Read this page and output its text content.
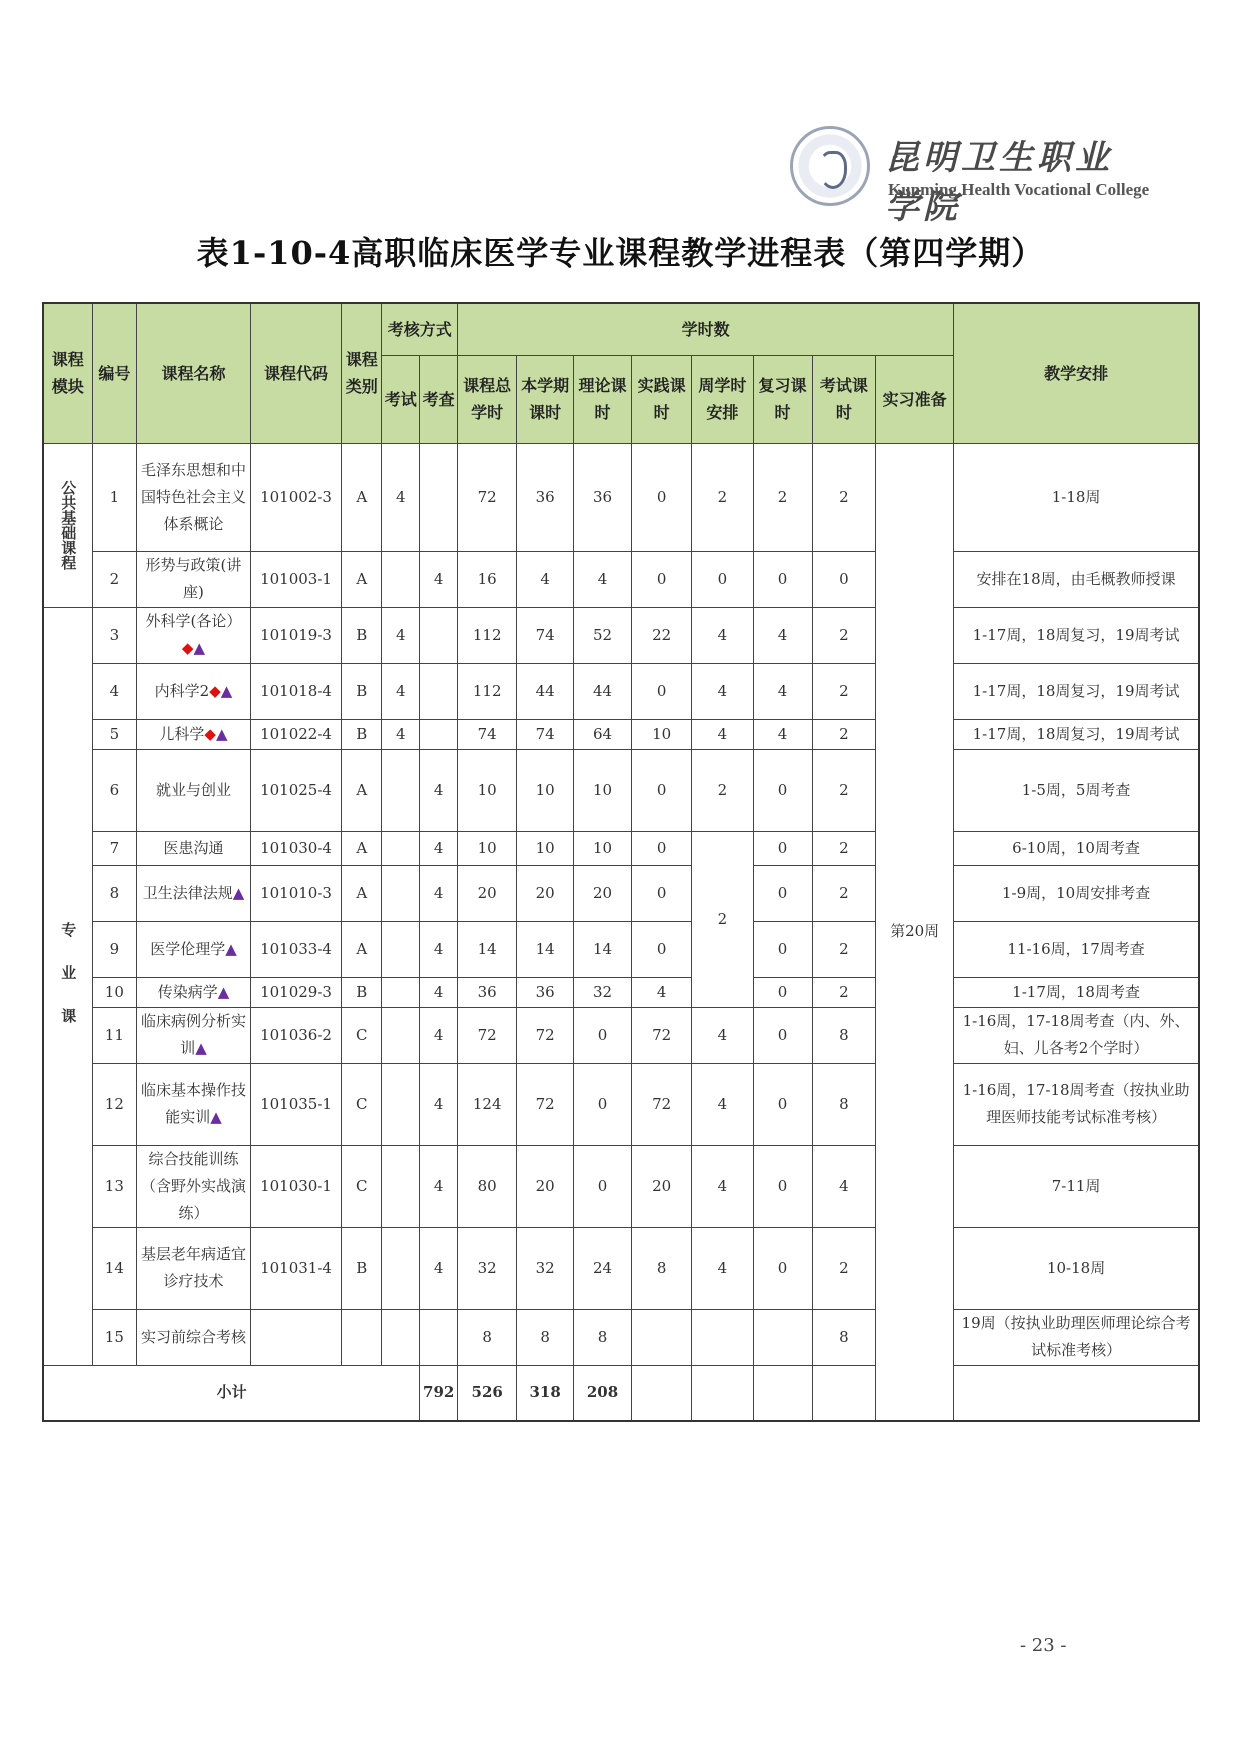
昆明卫生职业学院
Kunming Health Vocational College
表1-10-4高职临床医学专业课程教学进程表（第四学期）
课程模块	编号	课程名称	课程代码	课程类别	考核方式		学时数								教学安排
					考试	考查	课程总学时	本学期课时	理论课时	实践课时	周学时安排	复习课时	考试课时	实习准备	
公共基础课程	1	毛泽东思想和中国特色社会主义体系概论	101002-3	A	4		72	36	36	0	2	2	2	第20周	1-18周
	2	形势与政策(讲座)	101003-1	A		4	16	4	4	0	0	0	0		安排在18周，由毛概教师授课
专业课	3	外科学(各论）◆▲	101019-3	B	4		112	74	52	22	4	4	2		1-17周，18周复习，19周考试
	4	内科学2◆▲	101018-4	B	4		112	44	44	0	4	4	2		1-17周，18周复习，19周考试
	5	儿科学◆▲	101022-4	B	4		74	74	64	10	4	4	2		1-17周，18周复习，19周考试
	6	就业与创业	101025-4	A		4	10	10	10	0	2	0	2		1-5周，5周考查
	7	医患沟通	101030-4	A		4	10	10	10	0	2	0	2		6-10周，10周考查
	8	卫生法律法规▲	101010-3	A		4	20	20	20	0		0	2		1-9周，10周安排考查
	9	医学伦理学▲	101033-4	A		4	14	14	14	0		0	2		11-16周，17周考查
	10	传染病学▲	101029-3	B		4	36	36	32	4		0	2		1-17周，18周考查
	11	临床病例分析实训▲	101036-2	C		4	72	72	0	72	4	0	8		1-16周，17-18周考查（内、外、妇、儿各考2个学时）
	12	临床基本操作技能实训▲	101035-1	C		4	124	72	0	72	4	0	8		1-16周，17-18周考查（按执业助理医师技能考试标准考核）
	13	综合技能训练（含野外实战演练）	101030-1	C		4	80	20	0	20	4	0	4		7-11周
	14	基层老年病适宜诊疗技术	101031-4	B		4	32	32	24	8	4	0	2		10-18周
	15	实习前综合考核					8	8	8				8		19周（按执业助理医师理论综合考试标准考核）
小计						792	526	318	208						
- 23 -
